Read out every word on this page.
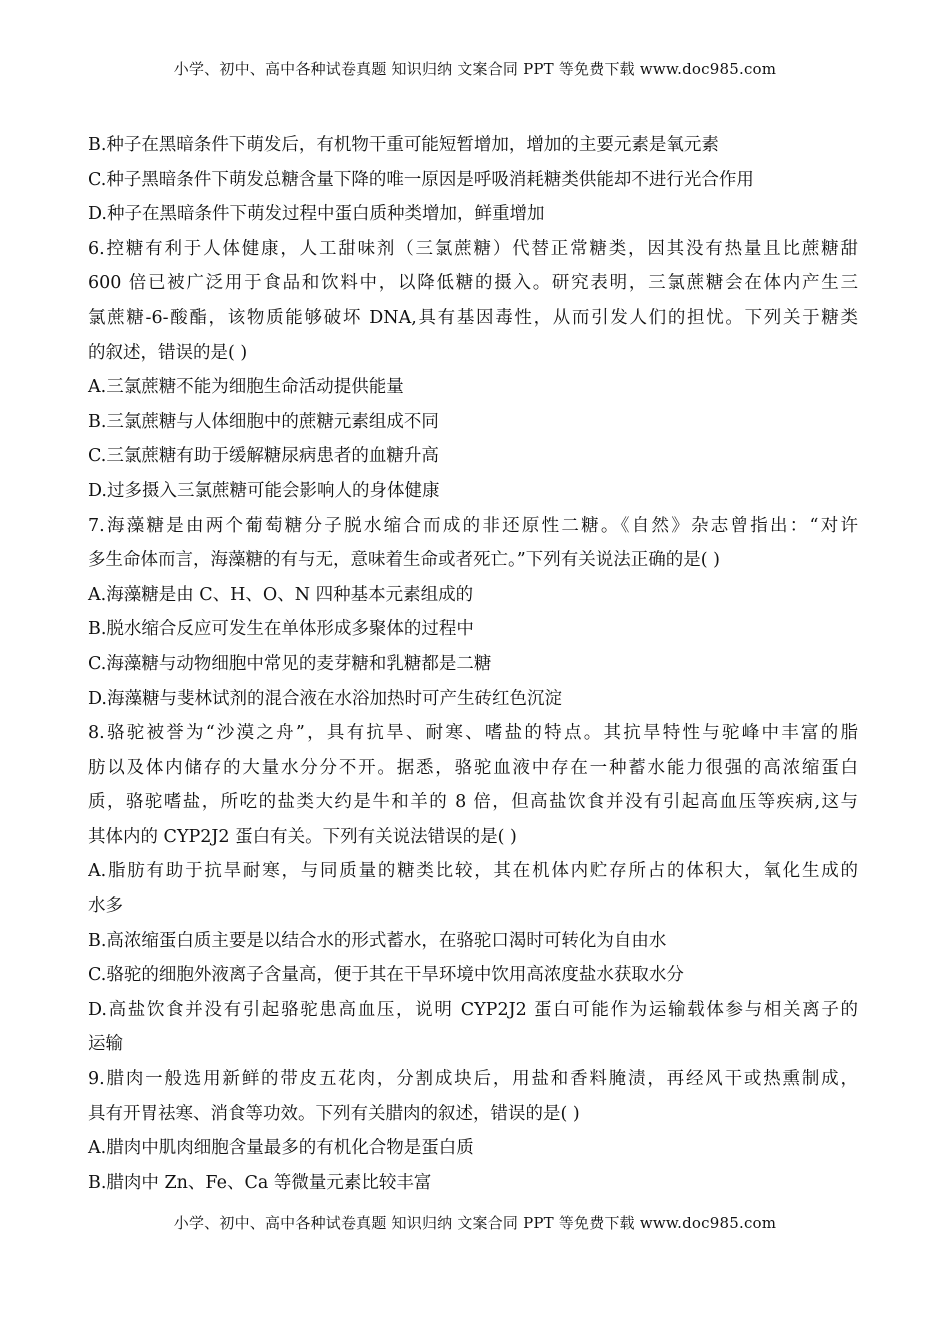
小学、初中、高中各种试卷真题 知识归纳 文案合同 PPT 等免费下载 www.doc985.com
B.种子在黑暗条件下萌发后，有机物干重可能短暂增加，增加的主要元素是氧元素
C.种子黑暗条件下萌发总糖含量下降的唯一原因是呼吸消耗糖类供能却不进行光合作用
D.种子在黑暗条件下萌发过程中蛋白质种类增加，鲜重增加
6.控糖有利于人体健康，人工甜味剂（三氯蔗糖）代替正常糖类，因其没有热量且比蔗糖甜
600 倍已被广泛用于食品和饮料中，以降低糖的摄入。研究表明，三氯蔗糖会在体内产生三
氯蔗糖-6-酸酯，该物质能够破坏 DNA,具有基因毒性，从而引发人们的担忧。下列关于糖类
的叙述，错误的是( )
A.三氯蔗糖不能为细胞生命活动提供能量
B.三氯蔗糖与人体细胞中的蔗糖元素组成不同
C.三氯蔗糖有助于缓解糖尿病患者的血糖升高
D.过多摄入三氯蔗糖可能会影响人的身体健康
7.海藻糖是由两个葡萄糖分子脱水缩合而成的非还原性二糖。《自然》杂志曾指出：“对许
多生命体而言，海藻糖的有与无，意味着生命或者死亡。”下列有关说法正确的是( )
A.海藻糖是由 C、H、O、N 四种基本元素组成的
B.脱水缩合反应可发生在单体形成多聚体的过程中
C.海藻糖与动物细胞中常见的麦芽糖和乳糖都是二糖
D.海藻糖与斐林试剂的混合液在水浴加热时可产生砖红色沉淀
8.骆驼被誉为“沙漠之舟”，具有抗旱、耐寒、嗜盐的特点。其抗旱特性与驼峰中丰富的脂
肪以及体内储存的大量水分分不开。据悉，骆驼血液中存在一种蓄水能力很强的高浓缩蛋白
质，骆驼嗜盐，所吃的盐类大约是牛和羊的 8 倍，但高盐饮食并没有引起高血压等疾病,这与
其体内的 CYP2J2 蛋白有关。下列有关说法错误的是( )
A.脂肪有助于抗旱耐寒，与同质量的糖类比较，其在机体内贮存所占的体积大，氧化生成的
水多
B.高浓缩蛋白质主要是以结合水的形式蓄水，在骆驼口渴时可转化为自由水
C.骆驼的细胞外液离子含量高，便于其在干旱环境中饮用高浓度盐水获取水分
D.高盐饮食并没有引起骆驼患高血压，说明 CYP2J2 蛋白可能作为运输载体参与相关离子的
运输
9.腊肉一般选用新鲜的带皮五花肉，分割成块后，用盐和香料腌渍，再经风干或热熏制成，
具有开胃祛寒、消食等功效。下列有关腊肉的叙述，错误的是( )
A.腊肉中肌肉细胞含量最多的有机化合物是蛋白质
B.腊肉中 Zn、Fe、Ca 等微量元素比较丰富
小学、初中、高中各种试卷真题 知识归纳 文案合同 PPT 等免费下载 www.doc985.com
